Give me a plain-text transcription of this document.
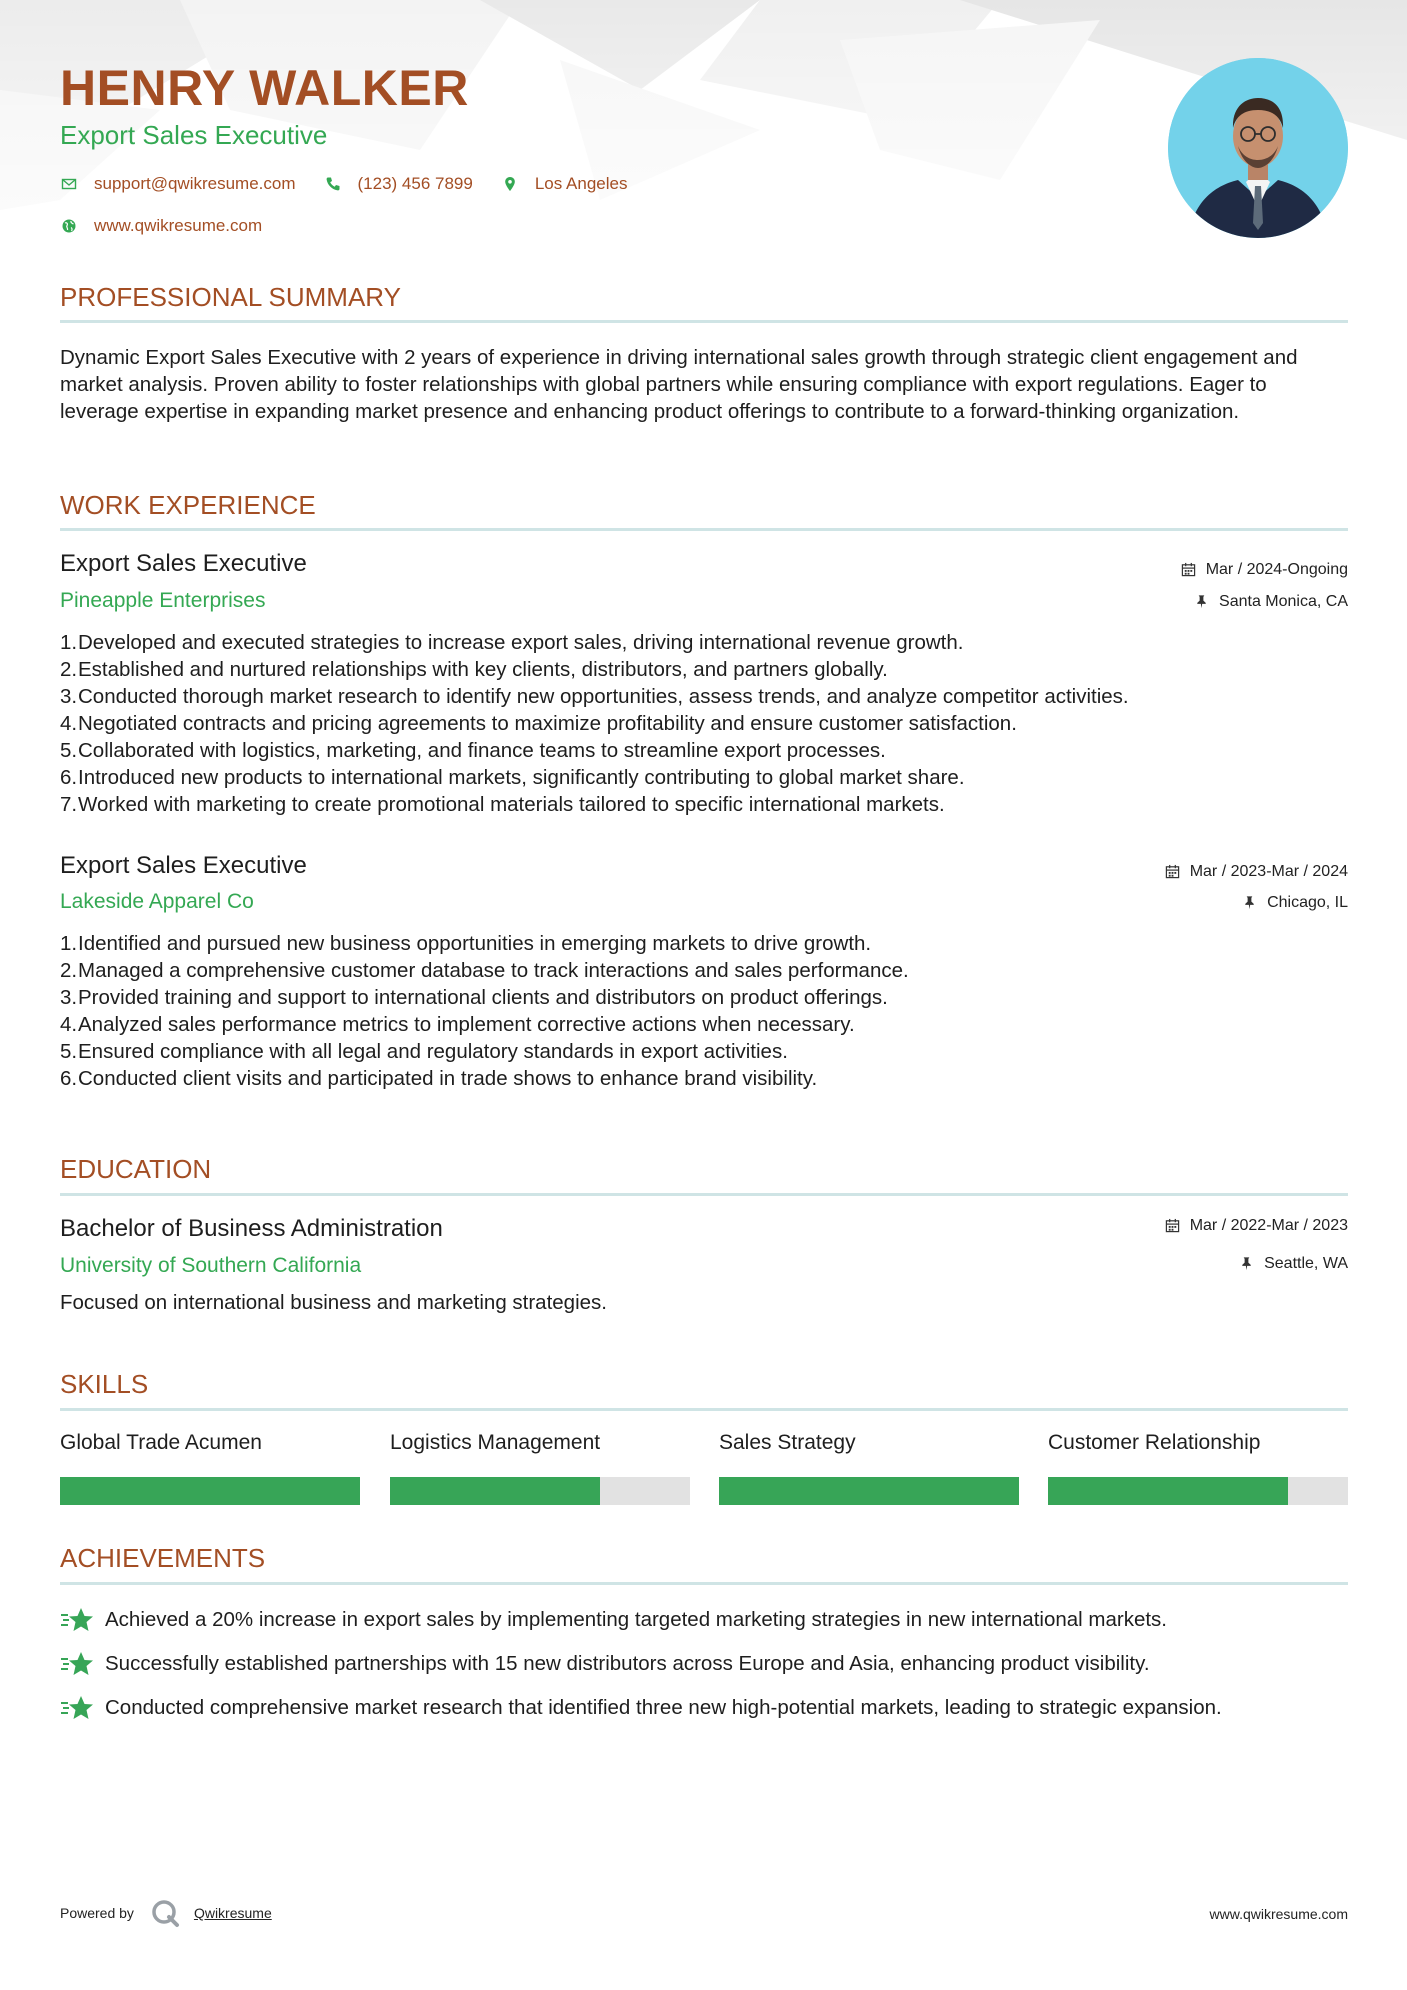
HENRY WALKER
Export Sales Executive
support@qwikresume.com	(123) 456 7899	Los Angeles
www.qwikresume.com
PROFESSIONAL SUMMARY
Dynamic Export Sales Executive with 2 years of experience in driving international sales growth through strategic client engagement and market analysis. Proven ability to foster relationships with global partners while ensuring compliance with export regulations. Eager to leverage expertise in expanding market presence and enhancing product offerings to contribute to a forward-thinking organization.
WORK EXPERIENCE
Export Sales Executive
Pineapple Enterprises
Mar / 2024-Ongoing
Santa Monica, CA
1. Developed and executed strategies to increase export sales, driving international revenue growth.
2. Established and nurtured relationships with key clients, distributors, and partners globally.
3. Conducted thorough market research to identify new opportunities, assess trends, and analyze competitor activities.
4. Negotiated contracts and pricing agreements to maximize profitability and ensure customer satisfaction.
5. Collaborated with logistics, marketing, and finance teams to streamline export processes.
6. Introduced new products to international markets, significantly contributing to global market share.
7. Worked with marketing to create promotional materials tailored to specific international markets.
Export Sales Executive
Lakeside Apparel Co
Mar / 2023-Mar / 2024
Chicago, IL
1. Identified and pursued new business opportunities in emerging markets to drive growth.
2. Managed a comprehensive customer database to track interactions and sales performance.
3. Provided training and support to international clients and distributors on product offerings.
4. Analyzed sales performance metrics to implement corrective actions when necessary.
5. Ensured compliance with all legal and regulatory standards in export activities.
6. Conducted client visits and participated in trade shows to enhance brand visibility.
EDUCATION
Bachelor of Business Administration
University of Southern California
Mar / 2022-Mar / 2023
Seattle, WA
Focused on international business and marketing strategies.
SKILLS
Global Trade Acumen	Logistics Management	Sales Strategy	Customer Relationship
ACHIEVEMENTS
Achieved a 20% increase in export sales by implementing targeted marketing strategies in new international markets.
Successfully established partnerships with 15 new distributors across Europe and Asia, enhancing product visibility.
Conducted comprehensive market research that identified three new high-potential markets, leading to strategic expansion.
Powered by	Qwikresume	www.qwikresume.com
